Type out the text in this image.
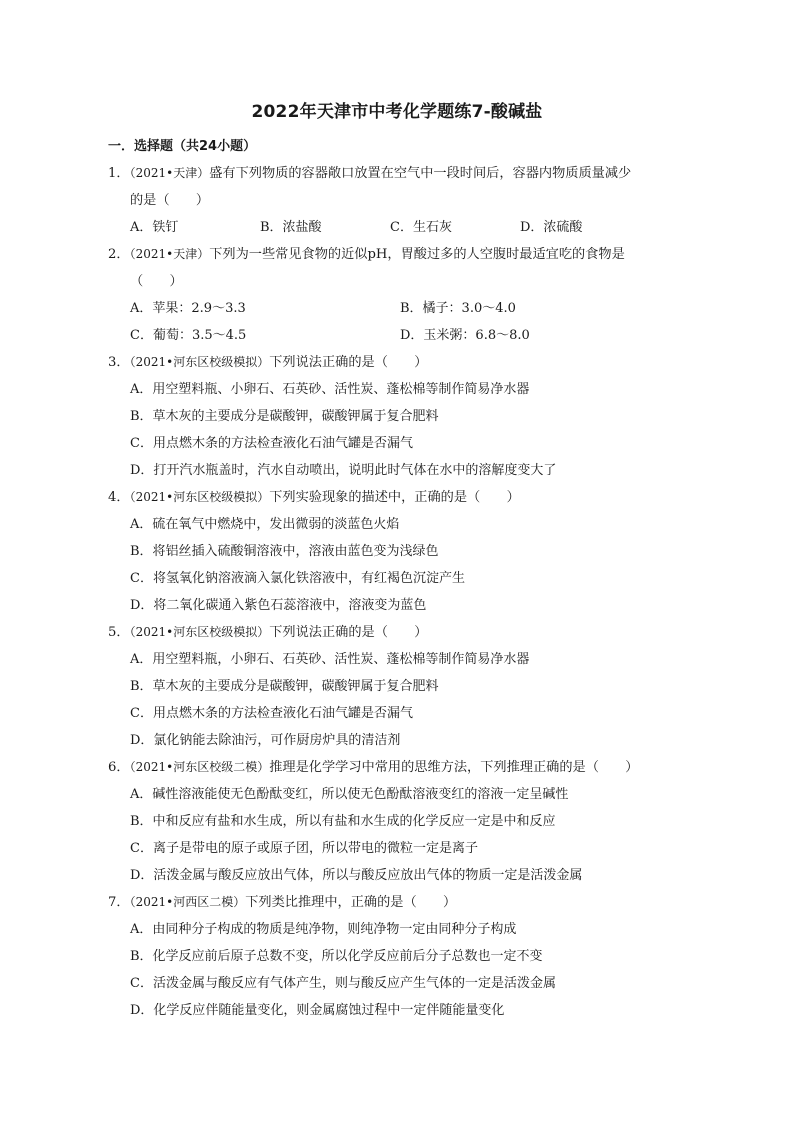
2022年天津市中考化学题练7-酸碱盐
一．选择题（共24小题）

1．（2021•天津）盛有下列物质的容器敞口放置在空气中一段时间后，容器内物质质量减少

的是（　　）

A．铁钉	B．浓盐酸	C．生石灰	D．浓硫酸

2．（2021•天津）下列为一些常见食物的近似pH，胃酸过多的人空腹时最适宜吃的食物是

（　　）

A．苹果：2.9～3.3	B．橘子：3.0～4.0
C．葡萄：3.5～4.5	D．玉米粥：6.8～8.0

3．（2021•河东区校级模拟）下列说法正确的是（　　）

A．用空塑料瓶、小卵石、石英砂、活性炭、蓬松棉等制作简易净水器

B．草木灰的主要成分是碳酸钾，碳酸钾属于复合肥料

C．用点燃木条的方法检查液化石油气罐是否漏气

D．打开汽水瓶盖时，汽水自动喷出，说明此时气体在水中的溶解度变大了

4．（2021•河东区校级模拟）下列实验现象的描述中，正确的是（　　）

A．硫在氧气中燃烧中，发出微弱的淡蓝色火焰

B．将铝丝插入硫酸铜溶液中，溶液由蓝色变为浅绿色

C．将氢氧化钠溶液滴入氯化铁溶液中，有红褐色沉淀产生

D．将二氧化碳通入紫色石蕊溶液中，溶液变为蓝色

5．（2021•河东区校级模拟）下列说法正确的是（　　）

A．用空塑料瓶，小卵石、石英砂、活性炭、蓬松棉等制作简易净水器

B．草木灰的主要成分是碳酸钾，碳酸钾属于复合肥料

C．用点燃木条的方法检查液化石油气罐是否漏气

D．氯化钠能去除油污，可作厨房炉具的清洁剂

6．（2021•河东区校级二模）推理是化学学习中常用的思维方法，下列推理正确的是（　　）

A．碱性溶液能使无色酚酞变红，所以使无色酚酞溶液变红的溶液一定呈碱性

B．中和反应有盐和水生成，所以有盐和水生成的化学反应一定是中和反应

C．离子是带电的原子或原子团，所以带电的微粒一定是离子

D．活泼金属与酸反应放出气体，所以与酸反应放出气体的物质一定是活泼金属

7．（2021•河西区二模）下列类比推理中，正确的是（　　）

A．由同种分子构成的物质是纯净物，则纯净物一定由同种分子构成

B．化学反应前后原子总数不变，所以化学反应前后分子总数也一定不变

C．活泼金属与酸反应有气体产生，则与酸反应产生气体的一定是活泼金属

D．化学反应伴随能量变化，则金属腐蚀过程中一定伴随能量变化
